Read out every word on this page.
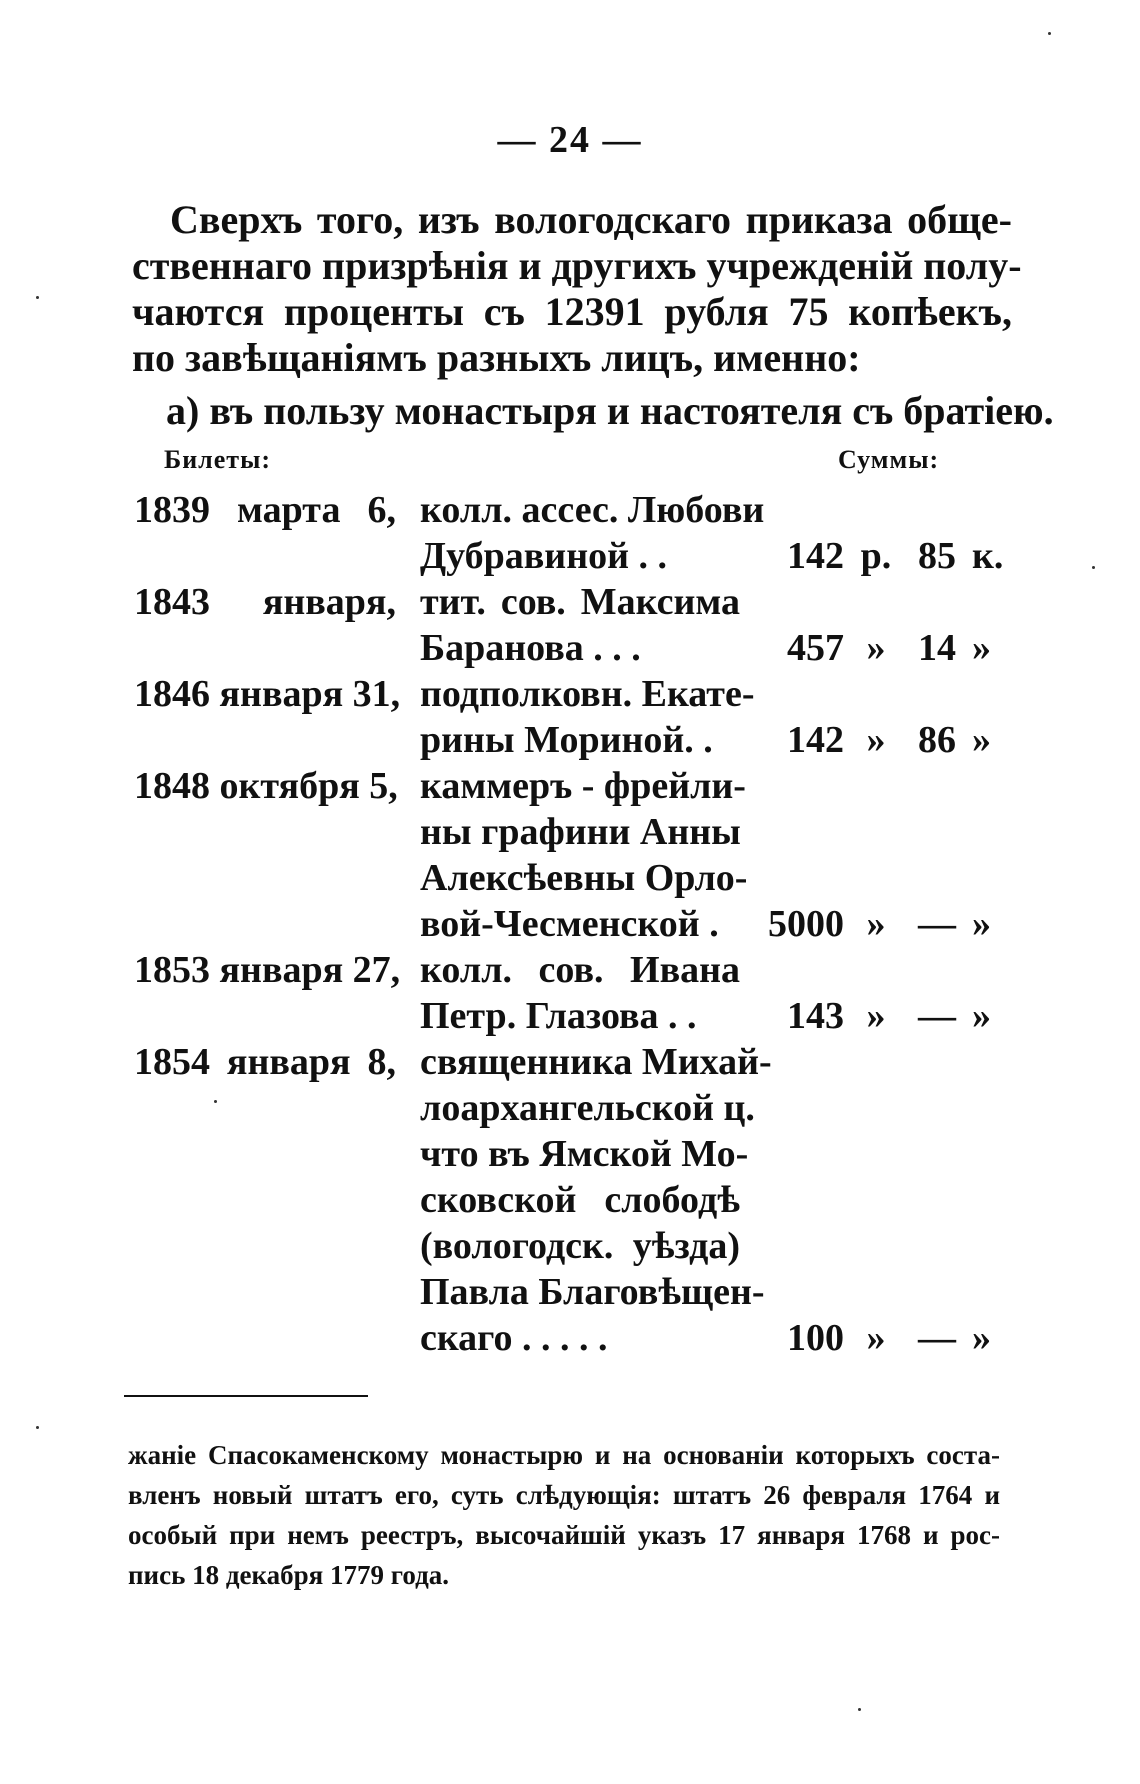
— 24 —
Сверхъ того, изъ вологодскаго приказа обще-
ственнаго призрѣнія и другихъ учрежденій полу-
чаются проценты съ 12391 рубля 75 копѣекъ,
по завѣщаніямъ разныхъ лицъ, именно:
а) въ пользу монастыря и настоятеля съ братіею.
Билеты:	Суммы:
1839 марта 6, колл. ассес. Любови
Дубравиной . .	142 р. 85 к.
1843 января, тит. сов. Максима
Баранова . . .	457 » 14 »
1846 января 31, подполковн. Екате-
рины Мориной. .	142 » 86 »
1848 октября 5, каммеръ - фрейли-
ны графини Анны
Алексѣевны Орло-
вой-Чесменской .	5000 » — »
1853 января 27, колл. сов. Ивана
Петр. Глазова . .	143 » — »
1854 января 8, священника Михай-
лоархангельской ц.
что въ Ямской Мо-
сковской слободѣ
(вологодск. уѣзда)
Павла Благовѣщен-
скаго . . . . .	100 » — »
жаніе Спасокаменскому монастырю и на основаніи которыхъ соста-
вленъ новый штатъ его, суть слѣдующія: штатъ 26 февраля 1764 и
особый при немъ реестръ, высочайшій указъ 17 января 1768 и рос-
пись 18 декабря 1779 года.
